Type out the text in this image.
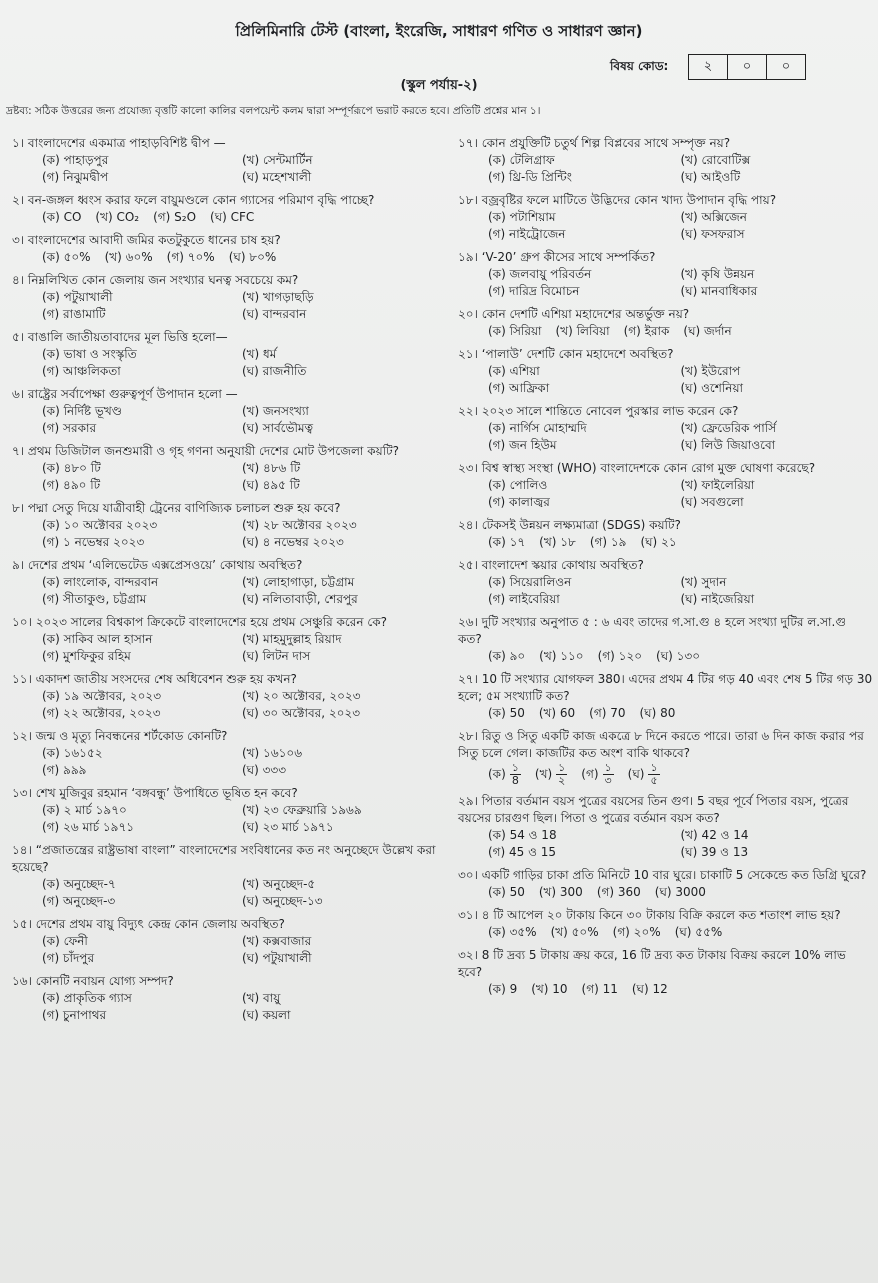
প্রিলিমিনারি টেস্ট (বাংলা, ইংরেজি, সাধারণ গণিত ও সাধারণ জ্ঞান)
বিষয় কোড:	২	০	০
(স্কুল পর্যায়-২)
দ্রষ্টব্য: সঠিক উত্তরের জন্য প্রযোজ্য বৃত্তটি কালো কালির বলপয়েন্ট কলম দ্বারা সম্পূর্ণরূপে ভরাট করতে হবে। প্রতিটি প্রশ্নের মান ১।
১। বাংলাদেশের একমাত্র পাহাড়বিশিষ্ট দ্বীপ —
(ক) পাহাড়পুর	(খ) সেন্টমার্টিন
(গ) নিঝুমদ্বীপ	(ঘ) মহেশখালী
২। বন-জঙ্গল ধ্বংস করার ফলে বায়ুমণ্ডলে কোন গ্যাসের পরিমাণ বৃদ্ধি পাচ্ছে?
(ক) CO (খ) CO₂ (গ) S₂O (ঘ) CFC
৩। বাংলাদেশের আবাদী জমির কতটুকুতে ধানের চাষ হয়?
(ক) ৫০% (খ) ৬০% (গ) ৭০% (ঘ) ৮০%
৪। নিম্নলিখিত কোন জেলায় জন সংখ্যার ঘনত্ব সবচেয়ে কম?
(ক) পটুয়াখালী	(খ) খাগড়াছড়ি
(গ) রাঙামাটি	(ঘ) বান্দরবান
৫। বাঙালি জাতীয়তাবাদের মূল ভিত্তি হলো—
(ক) ভাষা ও সংস্কৃতি	(খ) ধর্ম
(গ) আঞ্চলিকতা	(ঘ) রাজনীতি
৬। রাষ্ট্রের সর্বাপেক্ষা গুরুত্বপূর্ণ উপাদান হলো —
(ক) নির্দিষ্ট ভূখণ্ড	(খ) জনসংখ্যা
(গ) সরকার	(ঘ) সার্বভৌমত্ব
৭। প্রথম ডিজিটাল জনশুমারী ও গৃহ গণনা অনুযায়ী দেশের মোট উপজেলা কয়টি?
(ক) ৪৮০ টি	(খ) ৪৮৬ টি
(গ) ৪৯০ টি	(ঘ) ৪৯৫ টি
৮। পদ্মা সেতু দিয়ে যাত্রীবাহী ট্রেনের বাণিজ্যিক চলাচল শুরু হয় কবে?
(ক) ১০ অক্টোবর ২০২৩	(খ) ২৮ অক্টোবর ২০২৩
(গ) ১ নভেম্বর ২০২৩	(ঘ) ৪ নভেম্বর ২০২৩
৯। দেশের প্রথম ‘এলিভেটেড এক্সপ্রেসওয়ে’ কোথায় অবস্থিত?
(ক) লাংলোক, বান্দরবান	(খ) লোহাগাড়া, চট্টগ্রাম
(গ) সীতাকুণ্ড, চট্টগ্রাম	(ঘ) নলিতাবাড়ী, শেরপুর
১০। ২০২৩ সালের বিশ্বকাপ ক্রিকেটে বাংলাদেশের হয়ে প্রথম সেঞ্চুরি করেন কে?
(ক) সাকিব আল হাসান	(খ) মাহমুদুল্লাহ রিয়াদ
(গ) মুশফিকুর রহিম	(ঘ) লিটন দাস
১১। একাদশ জাতীয় সংসদের শেষ অধিবেশন শুরু হয় কখন?
(ক) ১৯ অক্টোবর, ২০২৩	(খ) ২০ অক্টোবর, ২০২৩
(গ) ২২ অক্টোবর, ২০২৩	(ঘ) ৩০ অক্টোবর, ২০২৩
১২। জন্ম ও মৃত্যু নিবন্ধনের শর্টকোড কোনটি?
(ক) ১৬১৫২	(খ) ১৬১০৬
(গ) ৯৯৯	(ঘ) ৩৩৩
১৩। শেখ মুজিবুর রহমান ‘বঙ্গবন্ধু’ উপাধিতে ভূষিত হন কবে?
(ক) ২ মার্চ ১৯৭০	(খ) ২৩ ফেব্রুয়ারি ১৯৬৯
(গ) ২৬ মার্চ ১৯৭১	(ঘ) ২৩ মার্চ ১৯৭১
১৪। “প্রজাতন্ত্রের রাষ্ট্রভাষা বাংলা” বাংলাদেশের সংবিধানের কত নং অনুচ্ছেদে উল্লেখ করা হয়েছে?
(ক) অনুচ্ছেদ-৭	(খ) অনুচ্ছেদ-৫
(গ) অনুচ্ছেদ-৩	(ঘ) অনুচ্ছেদ-১৩
১৫। দেশের প্রথম বায়ু বিদ্যুৎ কেন্দ্র কোন জেলায় অবস্থিত?
(ক) ফেনী	(খ) কক্সবাজার
(গ) চাঁদপুর	(ঘ) পটুয়াখালী
১৬। কোনটি নবায়ন যোগ্য সম্পদ?
(ক) প্রাকৃতিক গ্যাস	(খ) বায়ু
(গ) চুনাপাথর	(ঘ) কয়লা
১৭। কোন প্রযুক্তিটি চতুর্থ শিল্প বিপ্লবের সাথে সম্পৃক্ত নয়?
(ক) টেলিগ্রাফ	(খ) রোবোটিক্স
(গ) থ্রি-ডি প্রিন্টিং	(ঘ) আইওটি
১৮। বজ্রবৃষ্টির ফলে মাটিতে উদ্ভিদের কোন খাদ্য উপাদান বৃদ্ধি পায়?
(ক) পটাশিয়াম	(খ) অক্সিজেন
(গ) নাইট্রোজেন	(ঘ) ফসফরাস
১৯। ‘V-20’ গ্রুপ কীসের সাথে সম্পর্কিত?
(ক) জলবায়ু পরিবর্তন	(খ) কৃষি উন্নয়ন
(গ) দারিদ্র বিমোচন	(ঘ) মানবাধিকার
২০। কোন দেশটি এশিয়া মহাদেশের অন্তর্ভুক্ত নয়?
(ক) সিরিয়া (খ) লিবিয়া (গ) ইরাক (ঘ) জর্দান
২১। ‘পালাউ’ দেশটি কোন মহাদেশে অবস্থিত?
(ক) এশিয়া	(খ) ইউরোপ
(গ) আফ্রিকা	(ঘ) ওশেনিয়া
২২। ২০২৩ সালে শান্তিতে নোবেল পুরস্কার লাভ করেন কে?
(ক) নার্গিস মোহাম্মদি	(খ) ফ্রেডেরিক পার্সি
(গ) জন হিউম	(ঘ) লিউ জিয়াওবো
২৩। বিশ্ব স্বাস্থ্য সংস্থা (WHO) বাংলাদেশকে কোন রোগ মুক্ত ঘোষণা করেছে?
(ক) পোলিও	(খ) ফাইলেরিয়া
(গ) কালাজ্বর	(ঘ) সবগুলো
২৪। টেকসই উন্নয়ন লক্ষ্যমাত্রা (SDGS) কয়টি?
(ক) ১৭ (খ) ১৮ (গ) ১৯ (ঘ) ২১
২৫। বাংলাদেশ স্কয়ার কোথায় অবস্থিত?
(ক) সিয়েরালিওন	(খ) সুদান
(গ) লাইবেরিয়া	(ঘ) নাইজেরিয়া
২৬। দুটি সংখ্যার অনুপাত ৫ : ৬ এবং তাদের গ.সা.গু ৪ হলে সংখ্যা দুটির ল.সা.গু কত?
(ক) ৯০ (খ) ১১০ (গ) ১২০ (ঘ) ১৩০
২৭। 10 টি সংখ্যার যোগফল 380। এদের প্রথম 4 টির গড় 40 এবং শেষ 5 টির গড় 30 হলে; ৫ম সংখ্যাটি কত?
(ক) 50 (খ) 60 (গ) 70 (ঘ) 80
২৮। রিতু ও সিতু একটি কাজ একত্রে ৮ দিনে করতে পারে। তারা ৬ দিন কাজ করার পর সিতু চলে গেল। কাজটির কত অংশ বাকি থাকবে?
(ক) $\frac{১}{8}$ (খ) $\frac{১}{২}$ (গ) $\frac{১}{৩}$ (ঘ) $\frac{১}{৫}$
২৯। পিতার বর্তমান বয়স পুত্রের বয়সের তিন গুণ। 5 বছর পূর্বে পিতার বয়স, পুত্রের বয়সের চারগুণ ছিল। পিতা ও পুত্রের বর্তমান বয়স কত?
(ক) 54 ও 18	(খ) 42 ও 14
(গ) 45 ও 15	(ঘ) 39 ও 13
৩০। একটি গাড়ির চাকা প্রতি মিনিটে 10 বার ঘুরে। চাকাটি 5 সেকেন্ডে কত ডিগ্রি ঘুরে?
(ক) 50 (খ) 300 (গ) 360 (ঘ) 3000
৩১। ৪ টি আপেল ২০ টাকায় কিনে ৩০ টাকায় বিক্রি করলে কত শতাংশ লাভ হয়?
(ক) ৩৫% (খ) ৫০% (গ) ২০% (ঘ) ৫৫%
৩২। 8 টি দ্রব্য 5 টাকায় ক্রয় করে, 16 টি দ্রব্য কত টাকায় বিক্রয় করলে 10% লাভ হবে?
(ক) 9 (খ) 10 (গ) 11 (ঘ) 12
